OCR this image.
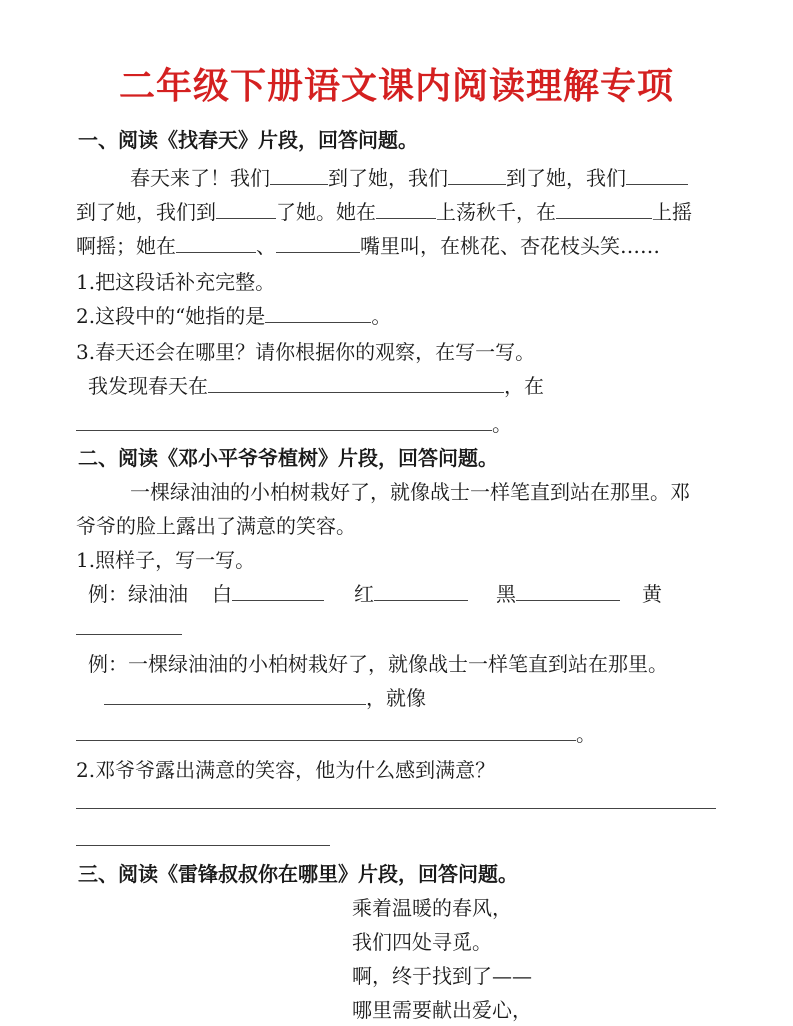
二年级下册语文课内阅读理解专项
一、阅读《找春天》片段，回答问题。
春天来了！我们	到了她，我们	到了她，我们
到了她，我们到	了她。她在	上荡秋千，在	上摇
啊摇；她在	、	嘴里叫，在桃花、杏花枝头笑……
1.把这段话补充完整。
2.这段中的“她指的是	。
3.春天还会在哪里？请你根据你的观察，在写一写。
我发现春天在	，在
。
二、阅读《邓小平爷爷植树》片段，回答问题。
一棵绿油油的小柏树栽好了，就像战士一样笔直到站在那里。邓
爷爷的脸上露出了满意的笑容。
1.照样子，写一写。
例：绿油油 白	红	黑	黄
例：一棵绿油油的小柏树栽好了，就像战士一样笔直到站在那里。
，就像
。
2.邓爷爷露出满意的笑容，他为什么感到满意？
三、阅读《雷锋叔叔你在哪里》片段，回答问题。
乘着温暖的春风，
我们四处寻觅。
啊，终于找到了——
哪里需要献出爱心，
